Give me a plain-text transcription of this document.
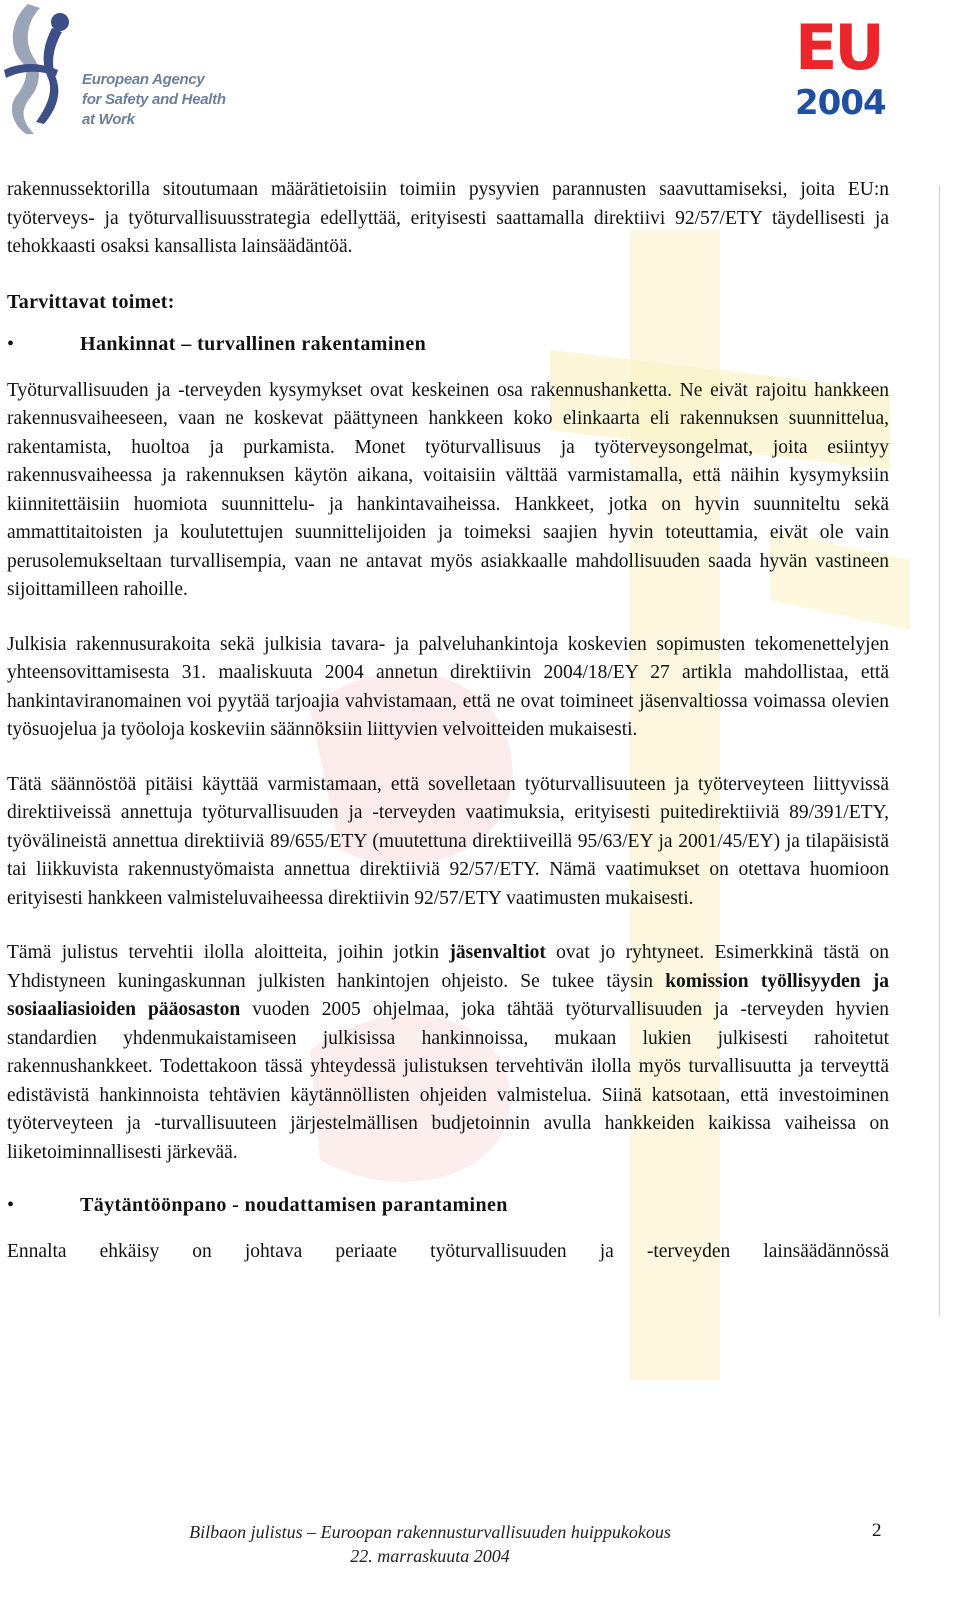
European Agency
for Safety and Health
at Work
EU
2004

rakennussektorilla sitoutumaan määrätietoisiin toimiin pysyvien parannusten saavuttamiseksi, joita EU:n työterveys- ja työturvallisuusstrategia edellyttää, erityisesti saattamalla direktiivi 92/57/ETY täydellisesti ja tehokkaasti osaksi kansallista lainsäädäntöä.

Tarvittavat toimet:

•	Hankinnat – turvallinen rakentaminen

Työturvallisuuden ja -terveyden kysymykset ovat keskeinen osa rakennushanketta. Ne eivät rajoitu hankkeen rakennusvaiheeseen, vaan ne koskevat päättyneen hankkeen koko elinkaarta eli rakennuksen suunnittelua, rakentamista, huoltoa ja purkamista. Monet työturvallisuus ja työterveysongelmat, joita esiintyy rakennusvaiheessa ja rakennuksen käytön aikana, voitaisiin välttää varmistamalla, että näihin kysymyksiin kiinnitettäisiin huomiota suunnittelu- ja hankintavaiheissa. Hankkeet, jotka on hyvin suunniteltu sekä ammattitaitoisten ja koulutettujen suunnittelijoiden ja toimeksi saajien hyvin toteuttamia, eivät ole vain perusolemukseltaan turvallisempia, vaan ne antavat myös asiakkaalle mahdollisuuden saada hyvän vastineen sijoittamilleen rahoille.

Julkisia rakennusurakoita sekä julkisia tavara- ja palveluhankintoja koskevien sopimusten tekomenettelyjen yhteensovittamisesta 31. maaliskuuta 2004 annetun direktiivin 2004/18/EY 27 artikla mahdollistaa, että hankintaviranomainen voi pyytää tarjoajia vahvistamaan, että ne ovat toimineet jäsenvaltiossa voimassa olevien työsuojelua ja työoloja koskeviin säännöksiin liittyvien velvoitteiden mukaisesti.

Tätä säännöstöä pitäisi käyttää varmistamaan, että sovelletaan työturvallisuuteen ja työterveyteen liittyvissä direktiiveissä annettuja työturvallisuuden ja -terveyden vaatimuksia, erityisesti puitedirektiiviä 89/391/ETY, työvälineistä annettua direktiiviä 89/655/ETY (muutettuna direktiiveillä 95/63/EY ja 2001/45/EY) ja tilapäisistä tai liikkuvista rakennustyömaista annettua direktiiviä 92/57/ETY. Nämä vaatimukset on otettava huomioon erityisesti hankkeen valmisteluvaiheessa direktiivin 92/57/ETY vaatimusten mukaisesti.

Tämä julistus tervehtii ilolla aloitteita, joihin jotkin jäsenvaltiot ovat jo ryhtyneet. Esimerkkinä tästä on Yhdistyneen kuningaskunnan julkisten hankintojen ohjeisto. Se tukee täysin komission työllisyyden ja sosiaaliasioiden pääosaston vuoden 2005 ohjelmaa, joka tähtää työturvallisuuden ja -terveyden hyvien standardien yhdenmukaistamiseen julkisissa hankinnoissa, mukaan lukien julkisesti rahoitetut rakennushankkeet. Todettakoon tässä yhteydessä julistuksen tervehtivän ilolla myös turvallisuutta ja terveyttä edistävistä hankinnoista tehtävien käytännöllisten ohjeiden valmistelua. Siinä katsotaan, että investoiminen työterveyteen ja -turvallisuuteen järjestelmällisen budjetoinnin avulla hankkeiden kaikissa vaiheissa on liiketoiminnallisesti järkevää.

•	Täytäntöönpano - noudattamisen parantaminen

Ennalta ehkäisy on johtava periaate työturvallisuuden ja -terveyden lainsäädännössä

Bilbaon julistus – Euroopan rakennusturvallisuuden huippukokous
22. marraskuuta 2004
2
